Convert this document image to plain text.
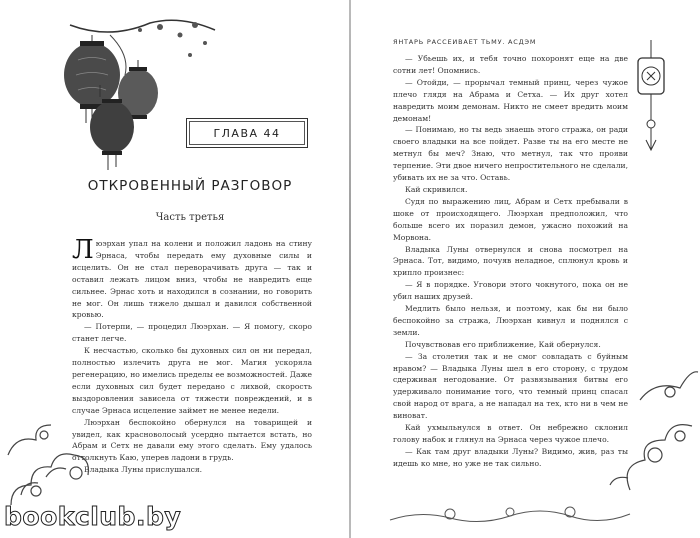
ГЛАВА 44
ОТКРОВЕННЫЙ РАЗГОВОР
Часть третья

Люэрхан упал на колени и положил ладонь на стину Эрнаса, чтобы передать ему духовные силы и исцелить. Он не стал переворачивать друга — так и оставил лежать лицом вниз, чтобы не навредить еще сильнее. Эрнас хоть и находился в сознании, но говорить не мог. Он лишь тяжело дышал и давился собственной кровью.

— Потерпи, — процедил Люэрхан. — Я помогу, скоро станет легче.

К несчастью, сколько бы духовных сил он ни передал, полностью излечить друга не мог. Магия ускоряла регенерацию, но имелись пределы ее возможностей. Даже если духовных сил будет передано с лихвой, скорость выздоровления зависела от тяжести повреждений, и в случае Эрнаса исцеление займет не менее недели.

Люэрхан беспокойно обернулся на товарищей и увидел, как красноволосый усердно пытается встать, но Абрам и Сетх не давали ему этого сделать. Ему удалось оттолкнуть Каю, уперев ладони в грудь.

Владыка Луны прислушался.

bookclub.by
ЯНТАРЬ РАССЕИВАЕТ ТЬМУ. АСДЭМ

— Убьешь их, и тебя точно похоронят еще на две сотни лет! Опомнись.

— Отойди, — прорычал темный принц, через чужое плечо глядя на Абрама и Сетха. — Их друг хотел навредить моим демонам. Никто не смеет вредить моим демонам!

— Понимаю, но ты ведь знаешь этого стража, он ради своего владыки на все пойдет. Разве ты на его месте не метнул бы меч? Знаю, что метнул, так что прояви терпение. Эти двое ничего непростительного не сделали, убивать их не за что. Оставь.

Кай скривился.

Судя по выражению лиц, Абрам и Сетх пребывали в шоке от происходящего. Люэрхан предположил, что больше всего их поразил демон, ужасно похожий на Морвона.

Владыка Луны отвернулся и снова посмотрел на Эрнаса. Тот, видимо, почуяв неладное, сплюнул кровь и хрипло произнес:

— Я в порядке. Уговори этого чокнутого, пока он не убил наших друзей.

Медлить было нельзя, и поэтому, как бы ни было беспокойно за стража, Люэрхан кивнул и поднялся с земли.

Почувствовав его приближение, Кай обернулся.

— За столетия так и не смог совладать с буйным нравом? — Владыка Луны шел в его сторону, с трудом сдерживая негодование. От развязывания битвы его удерживало понимание того, что темный принц спасал свой народ от врага, а не нападал на тех, кто ни в чем не виноват.

Кай ухмыльнулся в ответ. Он небрежно склонил голову набок и глянул на Эрнаса через чужое плечо.

— Как там друг владыки Луны? Видимо, жив, раз ты идешь ко мне, но уже не так сильно.
